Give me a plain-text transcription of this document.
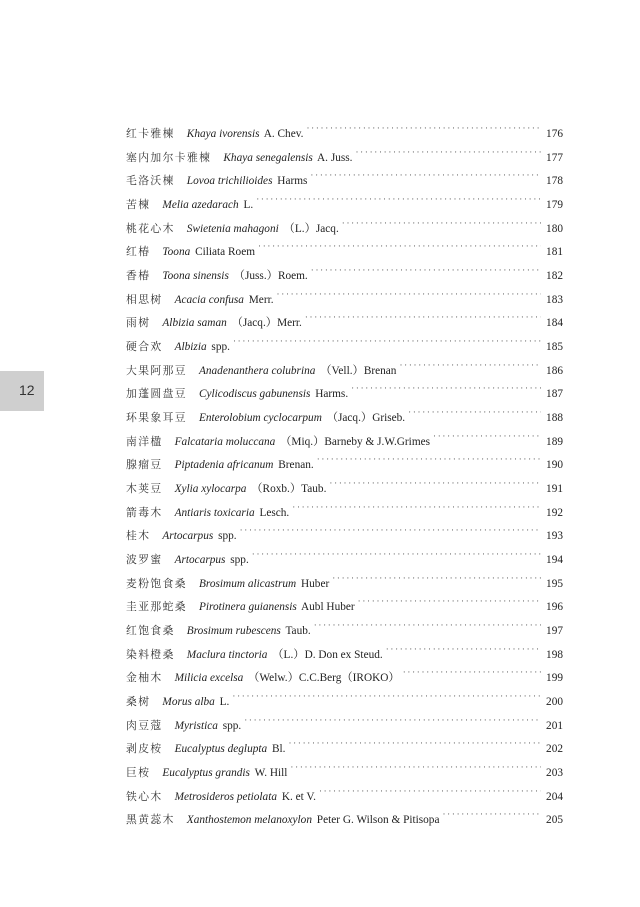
12
红卡雅楝 Khaya ivorensis A. Chev. ·····	176
塞内加尔卡雅楝 Khaya senegalensis A. Juss. ·····	177
毛洛沃楝 Lovoa trichilioides Harms ·····	178
苦楝 Melia azedarach L. ·····	179
桃花心木 Swietenia mahagoni （L.）Jacq. ·····	180
红椿 Toona Ciliata Roem ·····	181
香椿 Toona sinensis （Juss.）Roem. ·····	182
相思树 Acacia confusa Merr. ·····	183
雨树 Albizia saman （Jacq.）Merr. ·····	184
硬合欢 Albizia spp. ·····	185
大果阿那豆 Anadenanthera colubrina （Vell.）Brenan ·····	186
加蓬圆盘豆 Cylicodiscus gabunensis Harms. ·····	187
环果象耳豆 Enterolobium cyclocarpum （Jacq.）Griseb. ·····	188
南洋楹 Falcataria moluccana （Miq.）Barneby & J.W.Grimes ·····	189
腺瘤豆 Piptadenia africanum Brenan. ·····	190
木荚豆 Xylia xylocarpa （Roxb.）Taub. ·····	191
箭毒木 Antiaris toxicaria Lesch. ·····	192
桂木 Artocarpus spp. ·····	193
波罗蜜 Artocarpus spp. ·····	194
麦粉饱食桑 Brosimum alicastrum Huber ·····	195
圭亚那蛇桑 Pirotinera guianensis Aubl Huber ·····	196
红饱食桑 Brosimum rubescens Taub. ·····	197
染料橙桑 Maclura tinctoria （L.）D. Don ex Steud. ·····	198
金柚木 Milicia excelsa （Welw.）C.C.Berg（IROKO） ·····	199
桑树 Morus alba L. ·····	200
肉豆蔻 Myristica spp. ·····	201
剥皮桉 Eucalyptus deglupta Bl. ·····	202
巨桉 Eucalyptus grandis W. Hill ·····	203
铁心木 Metrosideros petiolata K. et V. ·····	204
黑黄蕊木 Xanthostemon melanoxylon Peter G. Wilson & Pitisopa ·····	205
